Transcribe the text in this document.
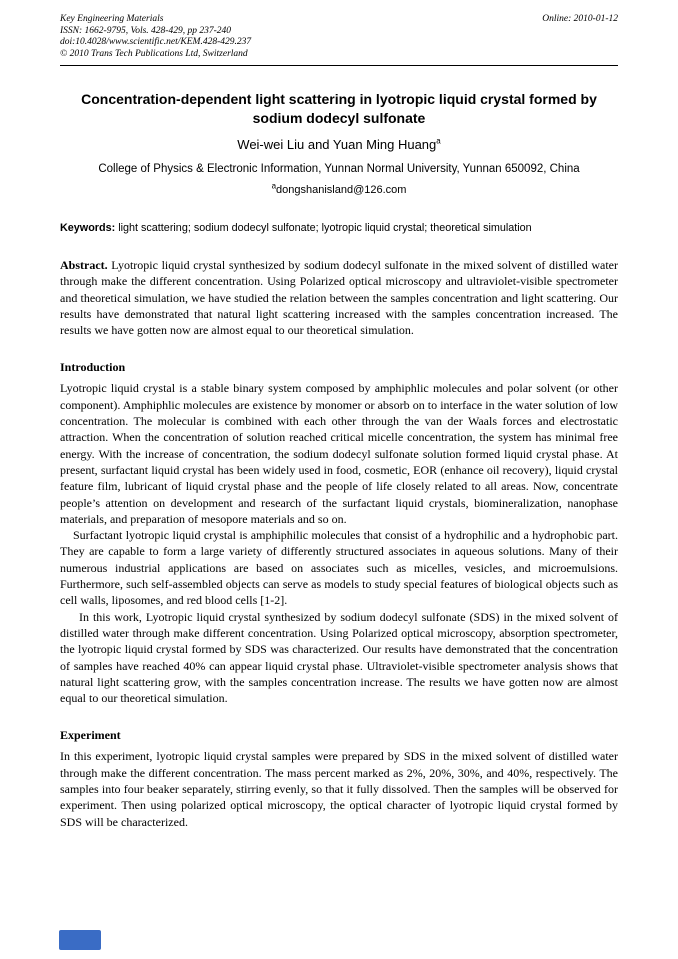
Key Engineering Materials
ISSN: 1662-9795, Vols. 428-429, pp 237-240
doi:10.4028/www.scientific.net/KEM.428-429.237
© 2010 Trans Tech Publications Ltd, Switzerland
Online: 2010-01-12
Concentration-dependent light scattering in lyotropic liquid crystal formed by sodium dodecyl sulfonate
Wei-wei Liu and Yuan Ming Huang$^a$
College of Physics & Electronic Information, Yunnan Normal University, Yunnan 650092, China
$^a$dongshanisland@126.com

Keywords: light scattering; sodium dodecyl sulfonate; lyotropic liquid crystal; theoretical simulation

Abstract. Lyotropic liquid crystal synthesized by sodium dodecyl sulfonate in the mixed solvent of distilled water through make the different concentration. Using Polarized optical microscopy and ultraviolet-visible spectrometer and theoretical simulation, we have studied the relation between the samples concentration and light scattering. Our results have demonstrated that natural light scattering increased with the samples concentration increased. The results we have gotten now are almost equal to our theoretical simulation.

Introduction

Lyotropic liquid crystal is a stable binary system composed by amphiphlic molecules and polar solvent (or other component). Amphiphlic molecules are existence by monomer or absorb on to interface in the water solution of low concentration. The molecular is combined with each other through the van der Waals forces and electrostatic attraction. When the concentration of solution reached critical micelle concentration, the system has minimal free energy. With the increase of concentration, the sodium dodecyl sulfonate solution formed liquid crystal phase. At present, surfactant liquid crystal has been widely used in food, cosmetic, EOR (enhance oil recovery), liquid crystal feature film, lubricant of liquid crystal phase and the people of life closely related to all areas. Now, concentrate people’s attention on development and research of the surfactant liquid crystals, biomineralization, nanophase materials, and preparation of mesopore materials and so on.

Surfactant lyotropic liquid crystal is amphiphilic molecules that consist of a hydrophilic and a hydrophobic part. They are capable to form a large variety of differently structured associates in aqueous solutions. Many of their numerous industrial applications are based on associates such as micelles, vesicles, and microemulsions. Furthermore, such self-assembled objects can serve as models to study special features of biological objects such as cell walls, liposomes, and red blood cells [1-2].

In this work, Lyotropic liquid crystal synthesized by sodium dodecyl sulfonate (SDS) in the mixed solvent of distilled water through make different concentration. Using Polarized optical microscopy, absorption spectrometer, the lyotropic liquid crystal formed by SDS was characterized. Our results have demonstrated that the concentration of samples have reached 40% can appear liquid crystal phase. Ultraviolet-visible spectrometer analysis shows that natural light scattering grow, with the samples concentration increase. The results we have gotten now are almost equal to our theoretical simulation.

Experiment

In this experiment, lyotropic liquid crystal samples were prepared by SDS in the mixed solvent of distilled water through make the different concentration. The mass percent marked as 2%, 20%, 30%, and 40%, respectively. The samples into four beaker separately, stirring evenly, so that it fully dissolved. Then the samples will be observed for experiment. Then using polarized optical microscopy, the optical character of lyotropic liquid crystal formed by SDS will be characterized.
